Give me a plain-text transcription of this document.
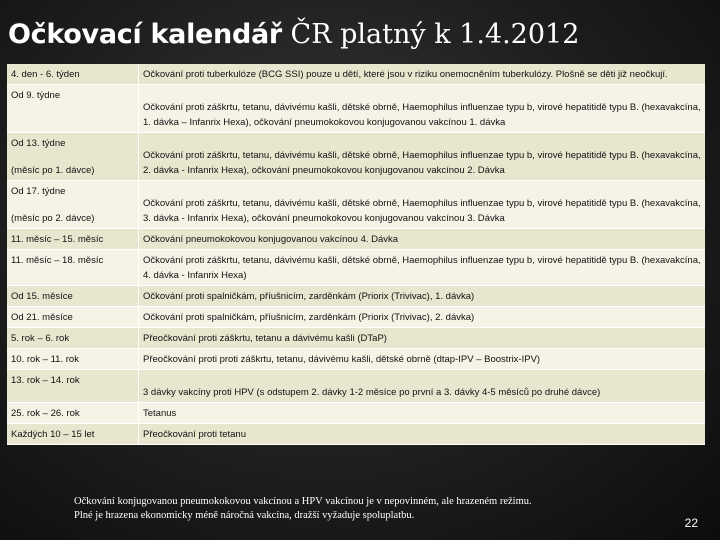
Očkovací kalendář ČR platný k 1.4.2012
4. den - 6. týden	Očkování proti tuberkulóze (BCG SSI) pouze u dětí, které jsou v riziku onemocněním tuberkulózy. Plošně se děti již neočkují.
Od 9. týdne	Očkování proti záškrtu, tetanu, dávivému kašli, dětské obrně, Haemophilus influenzae typu b, virové hepatitidě typu B. (hexavakcína, 1. dávka – Infanrix Hexa), očkování pneumokokovou konjugovanou vakcínou 1. dávka
Od 13. týdne

(měsíc po 1. dávce)	Očkování proti záškrtu, tetanu, dávivému kašli, dětské obrně, Haemophilus influenzae typu b, virové hepatitidě typu B. (hexavakcína, 2. dávka - Infanrix Hexa), očkování pneumokokovou konjugovanou vakcínou 2. Dávka
Od 17. týdne

(měsíc po 2. dávce)	Očkování proti záškrtu, tetanu, dávivému kašli, dětské obrně, Haemophilus influenzae typu b, virové hepatitidě typu B. (hexavakcína, 3. dávka - Infanrix Hexa), očkování pneumokokovou konjugovanou vakcínou 3. Dávka
11. měsíc – 15. měsíc	Očkování pneumokokovou konjugovanou vakcínou 4. Dávka
11. měsíc – 18. měsíc	Očkování proti záškrtu, tetanu, dávivému kašli, dětské obrně, Haemophilus influenzae typu b, virové hepatitidě typu B. (hexavakcína, 4. dávka - Infanrix Hexa)
Od 15. měsíce	Očkování proti spalničkám, příušnicím, zarděnkám (Priorix (Trivivac), 1. dávka)
Od 21. měsíce	Očkování proti spalničkám, příušnicím, zarděnkám (Priorix (Trivivac), 2. dávka)
5. rok – 6. rok	Přeočkování proti záškrtu, tetanu a dávivému kašli (DTaP)
10. rok – 11. rok	Přeočkování proti proti záškrtu, tetanu, dávivému kašli, dětské obrně (dtap-IPV – Boostrix-IPV)
13. rok – 14. rok	3 dávky vakcíny proti HPV (s odstupem 2. dávky 1-2 měsíce po první a 3. dávky 4-5 měsíců po druhé dávce)
25. rok – 26. rok	Tetanus
Každých 10 – 15 let	Přeočkování proti tetanu
Očkování konjugovanou pneumokokovou vakcínou a HPV vakcínou je v nepovinném, ale hrazeném režimu.
Plné je hrazena ekonomicky méně náročná vakcína, dražší vyžaduje spoluplatbu.
22
